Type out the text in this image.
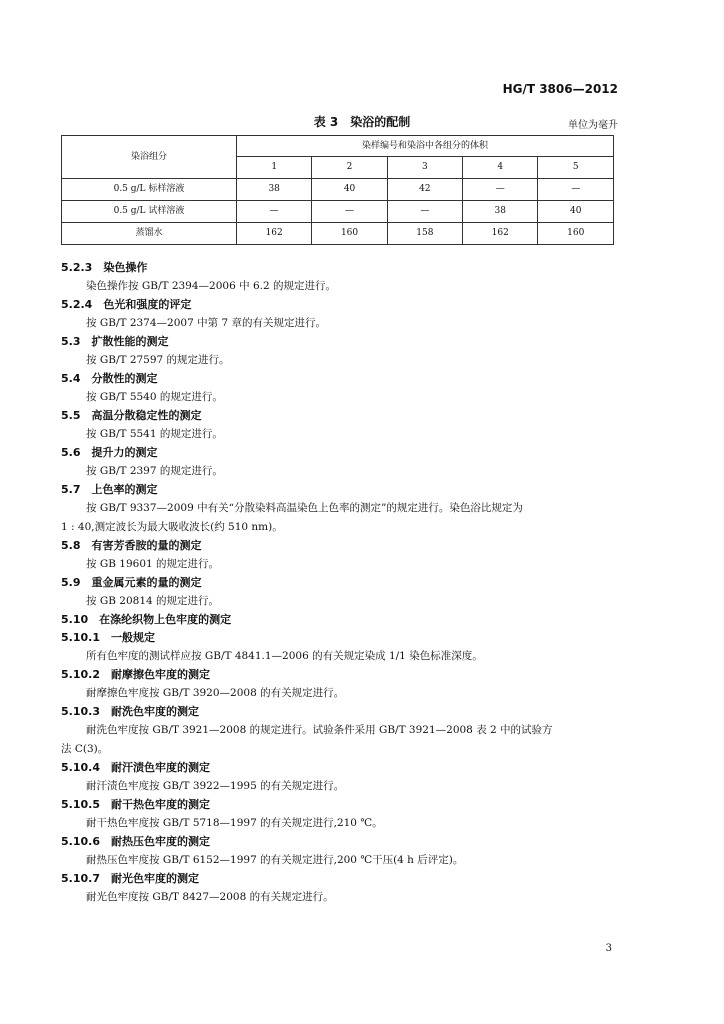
HG/T 3806—2012
表 3　染浴的配制	单位为毫升
染浴组分	染样编号和染浴中各组分的体积				
	1	2	3	4	5
0.5 g/L 标样溶液	38	40	42	—	—
0.5 g/L 试样溶液	—	—	—	38	40
蒸馏水	162	160	158	162	160
5.2.3　染色操作
染色操作按 GB/T 2394—2006 中 6.2 的规定进行。
5.2.4　色光和强度的评定
按 GB/T 2374—2007 中第 7 章的有关规定进行。
5.3　扩散性能的测定
按 GB/T 27597 的规定进行。
5.4　分散性的测定
按 GB/T 5540 的规定进行。
5.5　高温分散稳定性的测定
按 GB/T 5541 的规定进行。
5.6　提升力的测定
按 GB/T 2397 的规定进行。
5.7　上色率的测定
按 GB/T 9337—2009 中有关“分散染料高温染色上色率的测定”的规定进行。染色浴比规定为
1 : 40,测定波长为最大吸收波长(约 510 nm)。
5.8　有害芳香胺的量的测定
按 GB 19601 的规定进行。
5.9　重金属元素的量的测定
按 GB 20814 的规定进行。
5.10　在涤纶织物上色牢度的测定
5.10.1　一般规定
所有色牢度的测试样应按 GB/T 4841.1—2006 的有关规定染成 1/1 染色标准深度。
5.10.2　耐摩擦色牢度的测定
耐摩擦色牢度按 GB/T 3920—2008 的有关规定进行。
5.10.3　耐洗色牢度的测定
耐洗色牢度按 GB/T 3921—2008 的规定进行。试验条件采用 GB/T 3921—2008 表 2 中的试验方
法 C(3)。
5.10.4　耐汗渍色牢度的测定
耐汗渍色牢度按 GB/T 3922—1995 的有关规定进行。
5.10.5　耐干热色牢度的测定
耐干热色牢度按 GB/T 5718—1997 的有关规定进行,210 ℃。
5.10.6　耐热压色牢度的测定
耐热压色牢度按 GB/T 6152—1997 的有关规定进行,200 ℃干压(4 h 后评定)。
5.10.7　耐光色牢度的测定
耐光色牢度按 GB/T 8427—2008 的有关规定进行。
3
